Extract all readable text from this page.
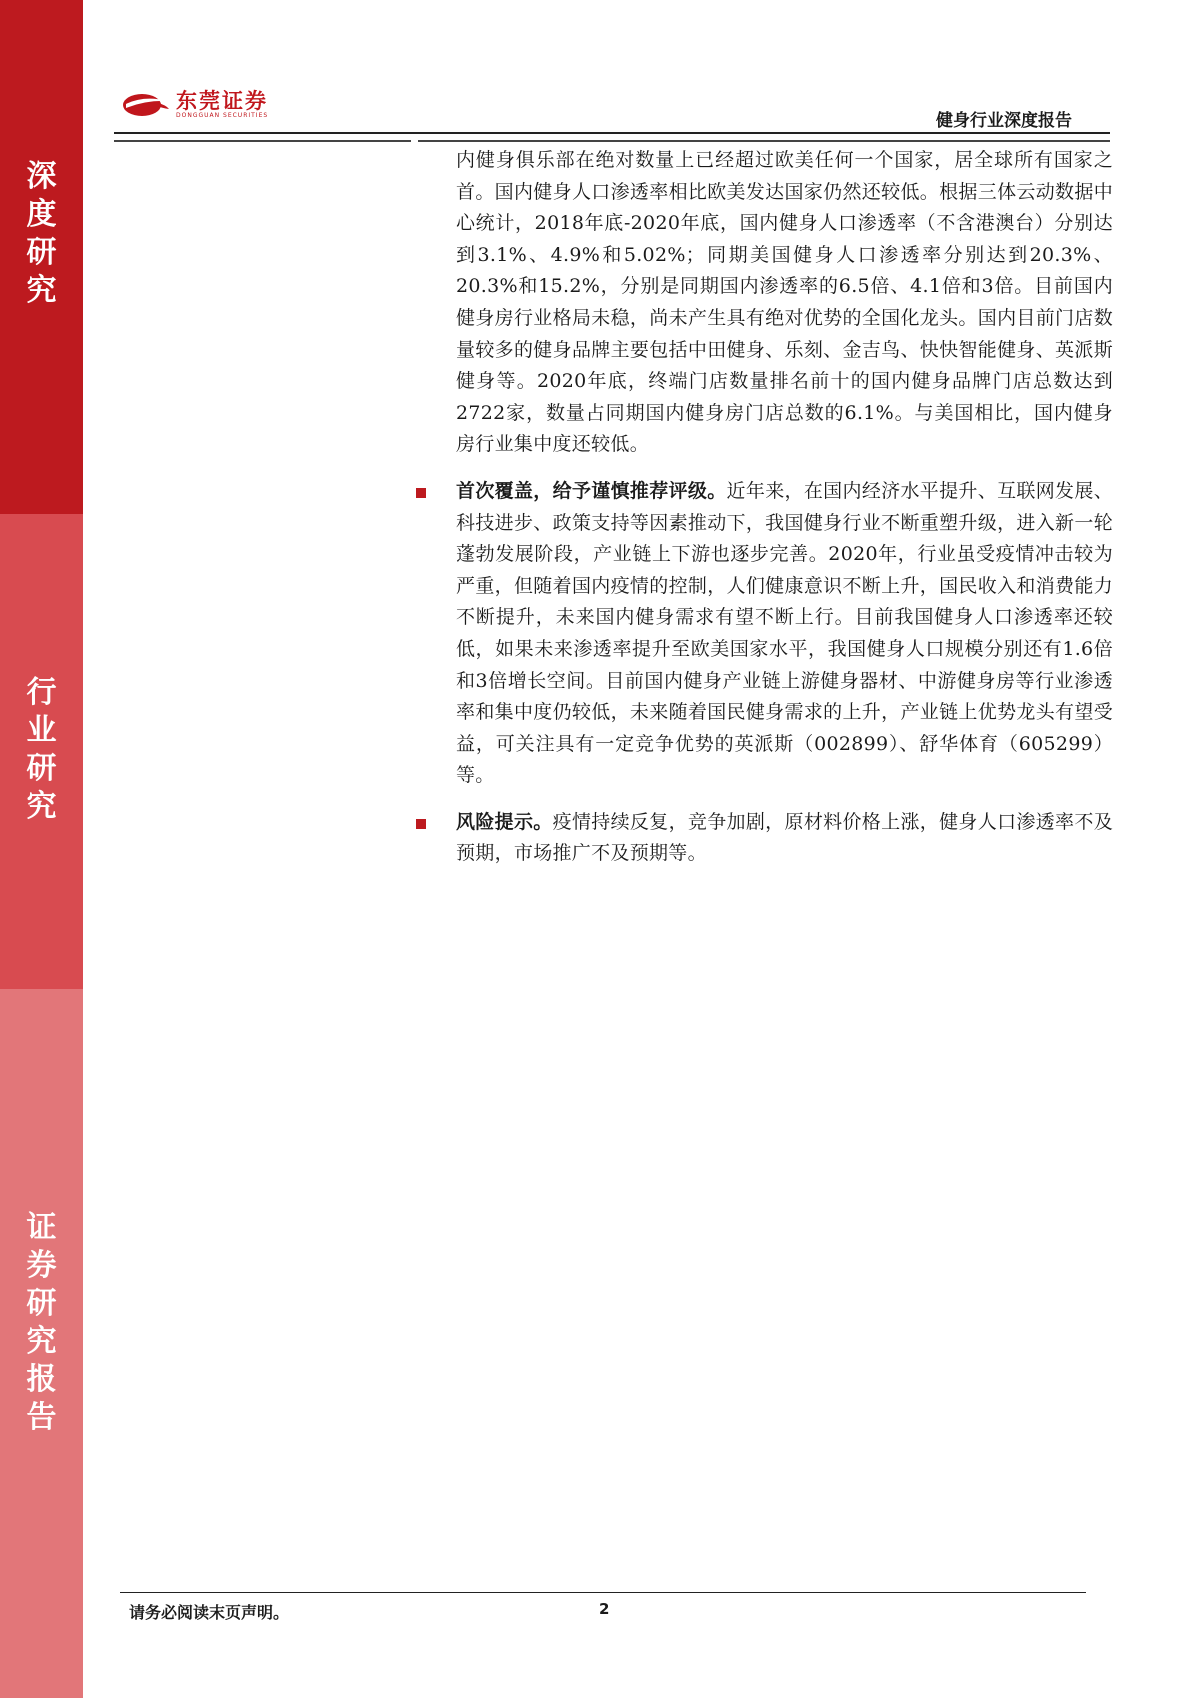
深度研究
行业研究
证券研究报告
东莞证券
DONGGUAN SECURITIES	健身行业深度报告

内健身俱乐部在绝对数量上已经超过欧美任何一个国家，居全球所有国家之首。国内健身人口渗透率相比欧美发达国家仍然还较低。根据三体云动数据中心统计，2018年底-2020年底，国内健身人口渗透率（不含港澳台）分别达到3.1%、4.9%和5.02%；同期美国健身人口渗透率分别达到20.3%、20.3%和15.2%，分别是同期国内渗透率的6.5倍、4.1倍和3倍。目前国内健身房行业格局未稳，尚未产生具有绝对优势的全国化龙头。国内目前门店数量较多的健身品牌主要包括中田健身、乐刻、金吉鸟、快快智能健身、英派斯健身等。2020年底，终端门店数量排名前十的国内健身品牌门店总数达到2722家，数量占同期国内健身房门店总数的6.1%。与美国相比，国内健身房行业集中度还较低。

首次覆盖，给予谨慎推荐评级。近年来，在国内经济水平提升、互联网发展、科技进步、政策支持等因素推动下，我国健身行业不断重塑升级，进入新一轮蓬勃发展阶段，产业链上下游也逐步完善。2020年，行业虽受疫情冲击较为严重，但随着国内疫情的控制，人们健康意识不断上升，国民收入和消费能力不断提升，未来国内健身需求有望不断上行。目前我国健身人口渗透率还较低，如果未来渗透率提升至欧美国家水平，我国健身人口规模分别还有1.6倍和3倍增长空间。目前国内健身产业链上游健身器材、中游健身房等行业渗透率和集中度仍较低，未来随着国民健身需求的上升，产业链上优势龙头有望受益，可关注具有一定竞争优势的英派斯（002899）、舒华体育（605299）等。

风险提示。疫情持续反复，竞争加剧，原材料价格上涨，健身人口渗透率不及预期，市场推广不及预期等。

请务必阅读末页声明。	2
